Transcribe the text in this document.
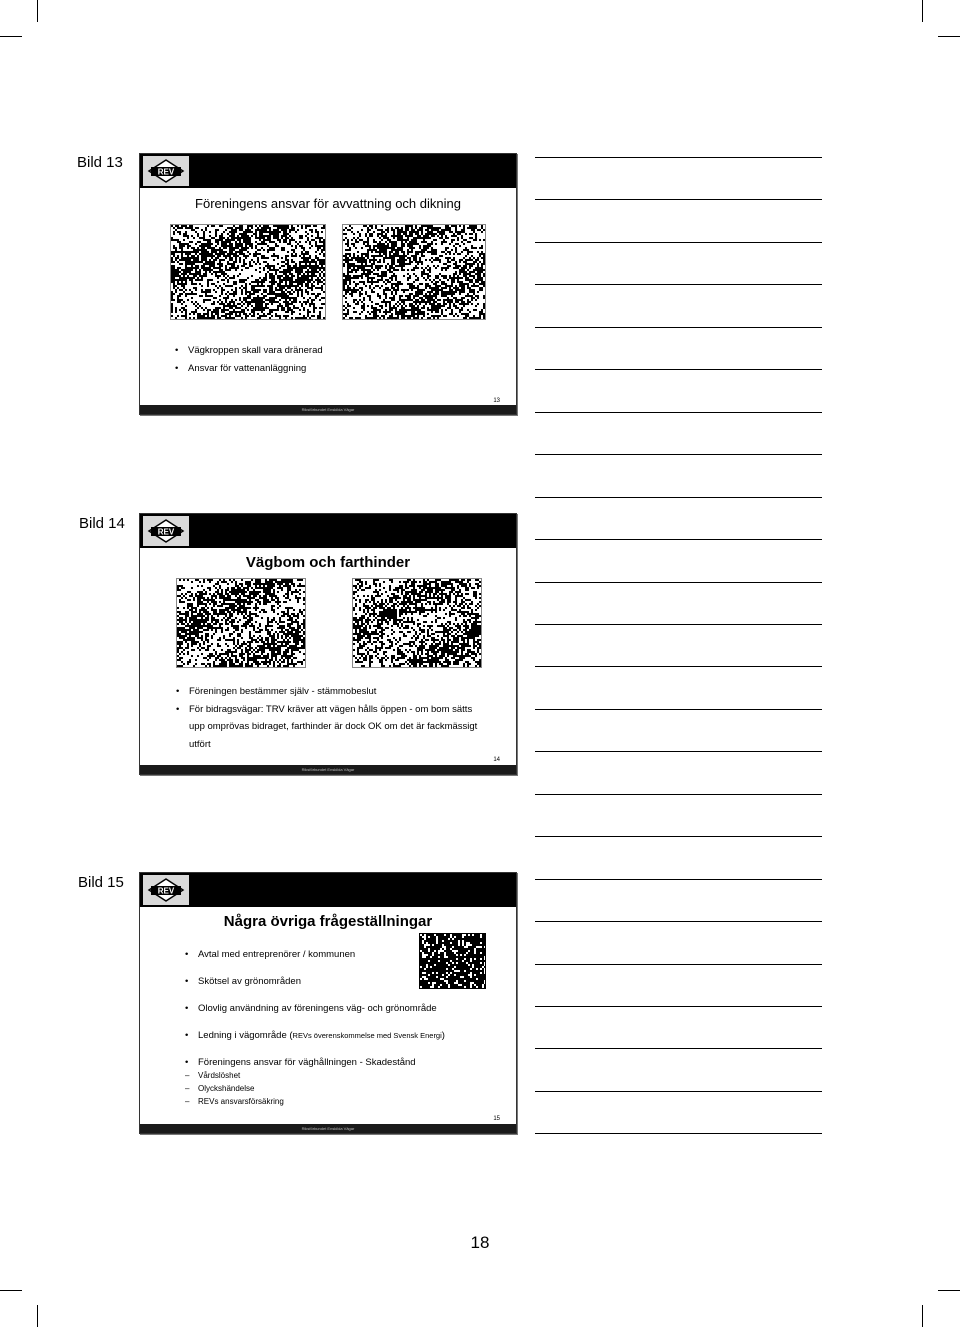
Bild 13
REV
Föreningens ansvar för avvattning och dikning
• Vägkroppen skall vara dränerad
• Ansvar för vattenanläggning
13
Riksförbundet Enskilda Vägar
Bild 14	REV
Vägbom och farthinder
• Föreningen bestämmer själv - stämmobeslut
• För bidragsvägar: TRV kräver att vägen hålls öppen - om bom sätts upp omprövas bidraget, farthinder är dock OK om det är fackmässigt utfört
14
Riksförbundet Enskilda Vägar
Bild 15	REV
Några övriga frågeställningar
• Avtal med entreprenörer / kommunen
• Skötsel av grönområden
• Olovlig användning av föreningens väg- och grönområde
• Ledning i vägområde (REVs överenskommelse med Svensk Energi)
• Föreningens ansvar för väghållningen - Skadestånd
– Vårdslöshet
– Olyckshändelse
– REVs ansvarsförsäkring
15
Riksförbundet Enskilda Vägar
18
